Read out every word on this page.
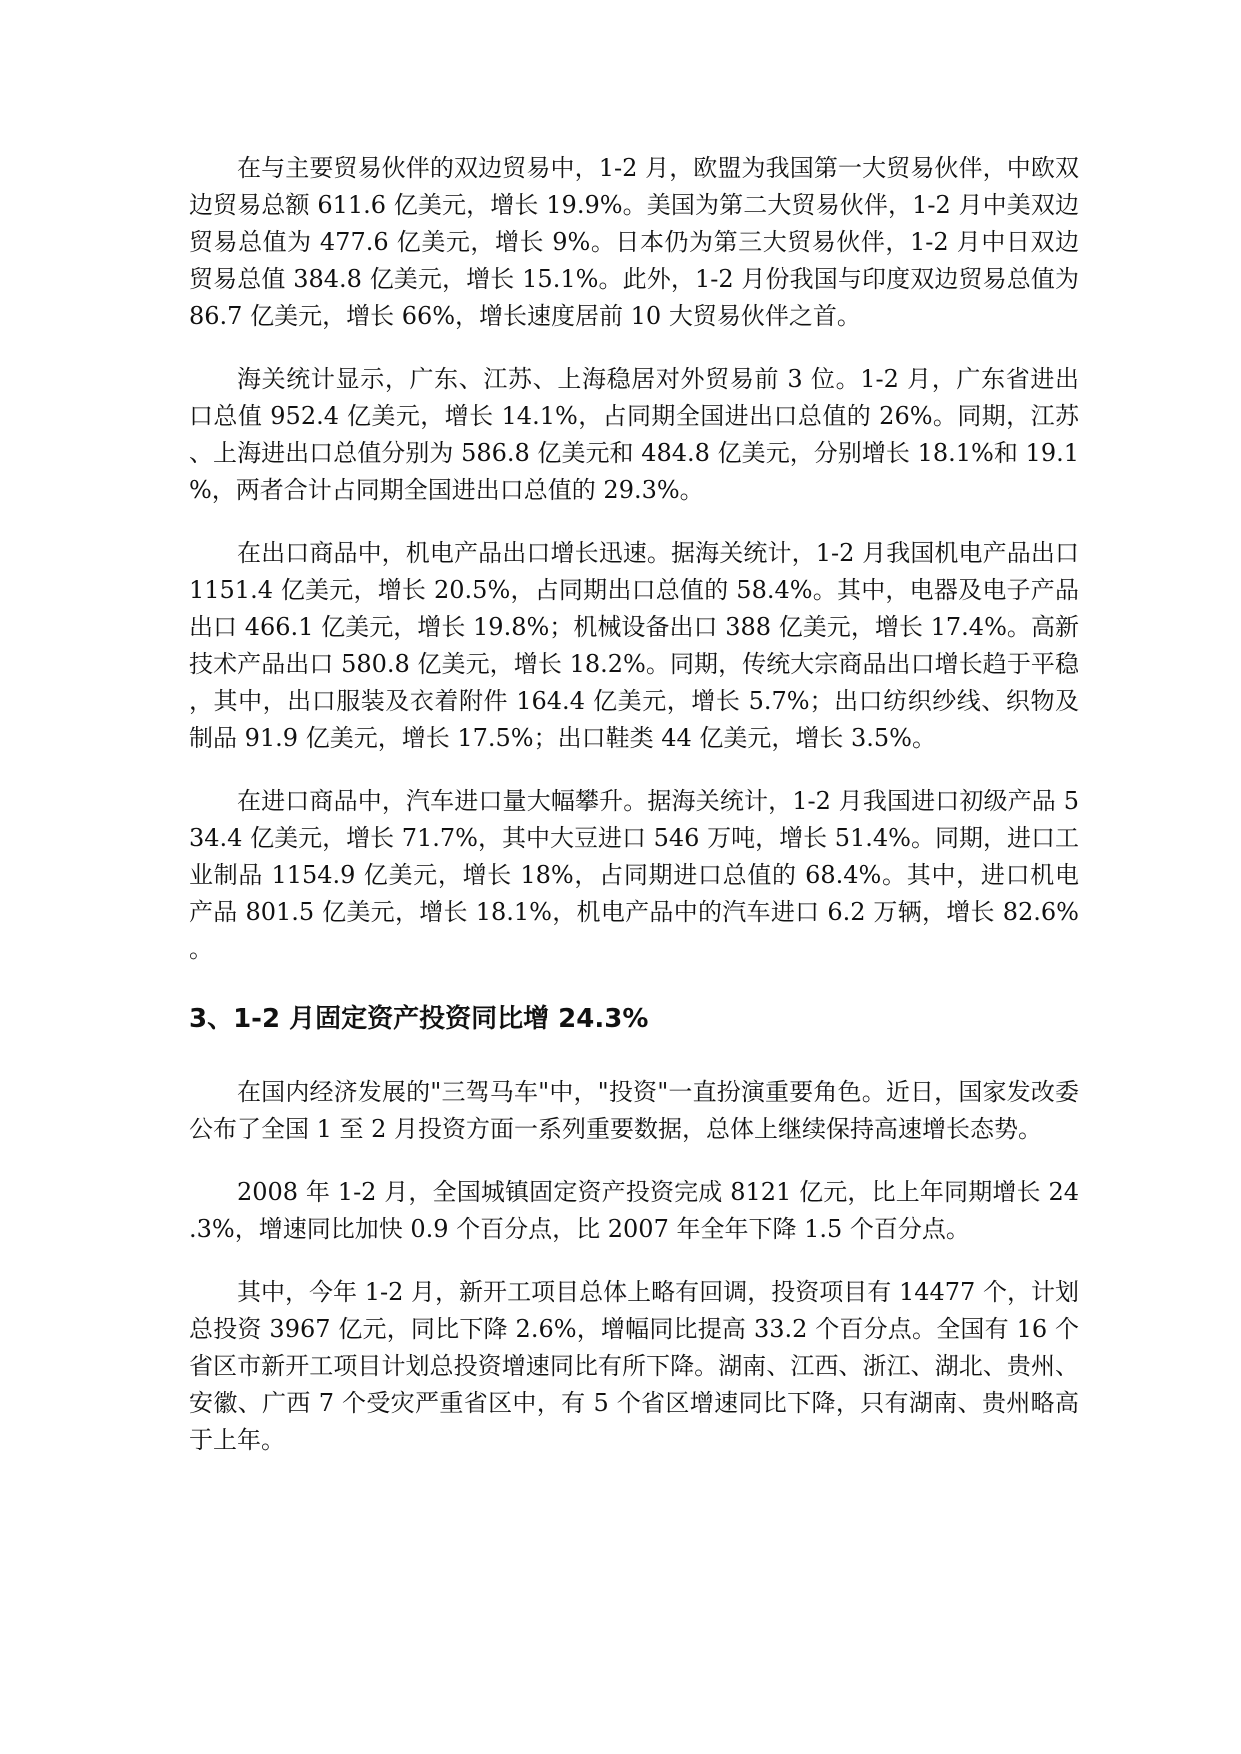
在与主要贸易伙伴的双边贸易中，1-2 月，欧盟为我国第一大贸易伙伴，中欧双边贸易总额 611.6 亿美元，增长 19.9%。美国为第二大贸易伙伴，1-2 月中美双边贸易总值为 477.6 亿美元，增长 9%。日本仍为第三大贸易伙伴，1-2 月中日双边贸易总值 384.8 亿美元，增长 15.1%。此外，1-2 月份我国与印度双边贸易总值为 86.7 亿美元，增长 66%，增长速度居前 10 大贸易伙伴之首。

海关统计显示，广东、江苏、上海稳居对外贸易前 3 位。1-2 月，广东省进出口总值 952.4 亿美元，增长 14.1%，占同期全国进出口总值的 26%。同期，江苏、上海进出口总值分别为 586.8 亿美元和 484.8 亿美元，分别增长 18.1%和 19.1%，两者合计占同期全国进出口总值的 29.3%。

在出口商品中，机电产品出口增长迅速。据海关统计，1-2 月我国机电产品出口 1151.4 亿美元，增长 20.5%，占同期出口总值的 58.4%。其中，电器及电子产品出口 466.1 亿美元，增长 19.8%；机械设备出口 388 亿美元，增长 17.4%。高新技术产品出口 580.8 亿美元，增长 18.2%。同期，传统大宗商品出口增长趋于平稳，其中，出口服装及衣着附件 164.4 亿美元，增长 5.7%；出口纺织纱线、织物及制品 91.9 亿美元，增长 17.5%；出口鞋类 44 亿美元，增长 3.5%。

在进口商品中，汽车进口量大幅攀升。据海关统计，1-2 月我国进口初级产品 534.4 亿美元，增长 71.7%，其中大豆进口 546 万吨，增长 51.4%。同期，进口工业制品 1154.9 亿美元，增长 18%，占同期进口总值的 68.4%。其中，进口机电产品 801.5 亿美元，增长 18.1%，机电产品中的汽车进口 6.2 万辆，增长 82.6%。

3、1-2 月固定资产投资同比增 24.3%

在国内经济发展的"三驾马车"中，"投资"一直扮演重要角色。近日，国家发改委公布了全国 1 至 2 月投资方面一系列重要数据，总体上继续保持高速增长态势。

2008 年 1-2 月，全国城镇固定资产投资完成 8121 亿元，比上年同期增长 24.3%，增速同比加快 0.9 个百分点，比 2007 年全年下降 1.5 个百分点。

其中，今年 1-2 月，新开工项目总体上略有回调，投资项目有 14477 个，计划总投资 3967 亿元，同比下降 2.6%，增幅同比提高 33.2 个百分点。全国有 16 个省区市新开工项目计划总投资增速同比有所下降。湖南、江西、浙江、湖北、贵州、安徽、广西 7 个受灾严重省区中，有 5 个省区增速同比下降，只有湖南、贵州略高于上年。
